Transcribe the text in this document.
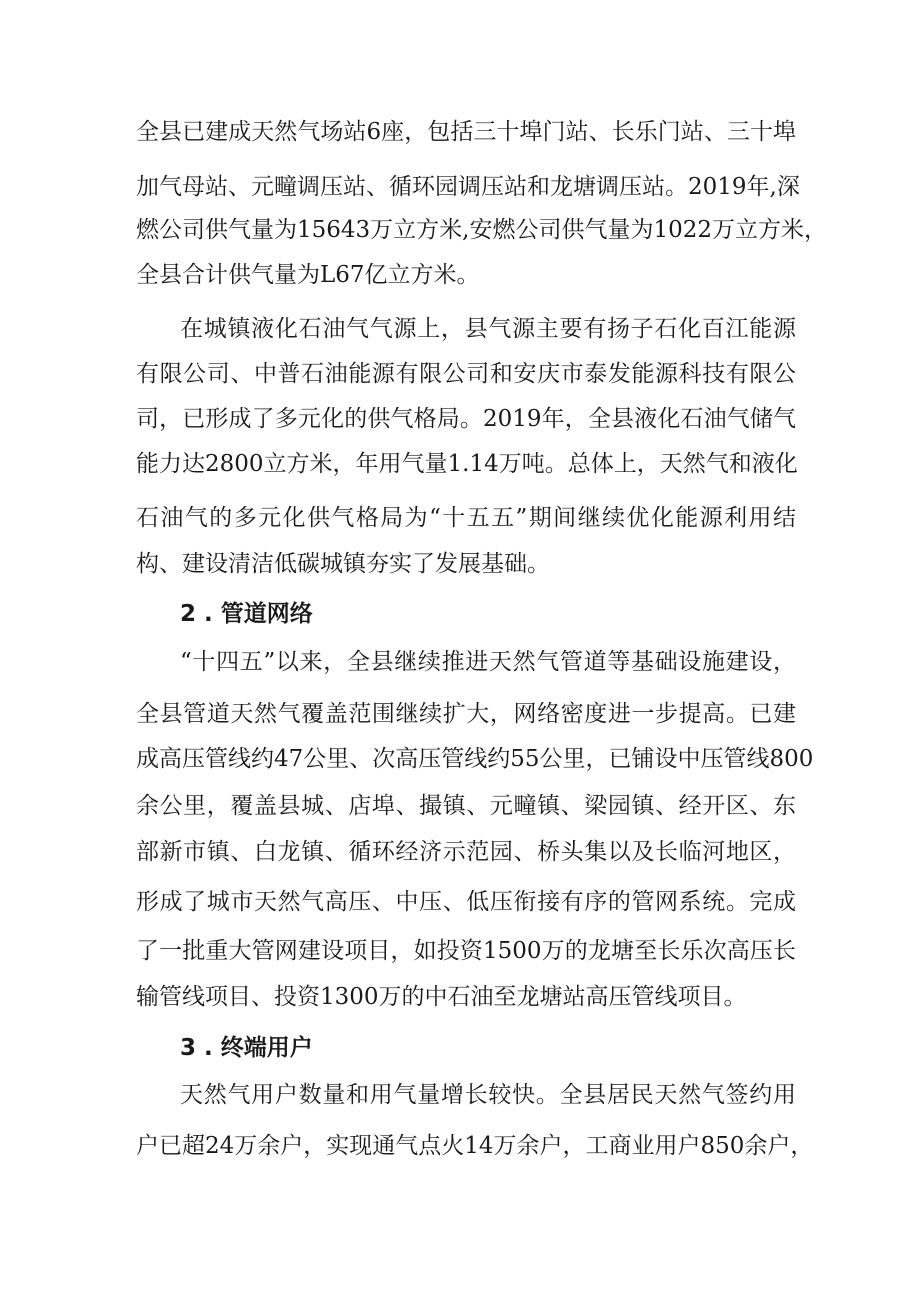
全县已建成天然气场站6座，包括三十埠门站、长乐门站、三十埠

加气母站、元疃调压站、循环园调压站和龙塘调压站。2019年,深

燃公司供气量为15643万立方米,安燃公司供气量为1022万立方米，

全县合计供气量为L67亿立方米。

在城镇液化石油气气源上，县气源主要有扬子石化百江能源

有限公司、中普石油能源有限公司和安庆市泰发能源科技有限公

司，已形成了多元化的供气格局。2019年，全县液化石油气储气

能力达2800立方米，年用气量1.14万吨。总体上，天然气和液化

石油气的多元化供气格局为“十五五”期间继续优化能源利用结

构、建设清洁低碳城镇夯实了发展基础。

2 . 管道网络

“十四五”以来，全县继续推进天然气管道等基础设施建设，

全县管道天然气覆盖范围继续扩大，网络密度进一步提高。已建

成高压管线约47公里、次高压管线约55公里，已铺设中压管线800

余公里，覆盖县城、店埠、撮镇、元疃镇、梁园镇、经开区、东

部新市镇、白龙镇、循环经济示范园、桥头集以及长临河地区，

形成了城市天然气高压、中压、低压衔接有序的管网系统。完成

了一批重大管网建设项目，如投资1500万的龙塘至长乐次高压长

输管线项目、投资1300万的中石油至龙塘站高压管线项目。

3 . 终端用户

天然气用户数量和用气量增长较快。全县居民天然气签约用

户已超24万余户，实现通气点火14万余户，工商业用户850余户，
